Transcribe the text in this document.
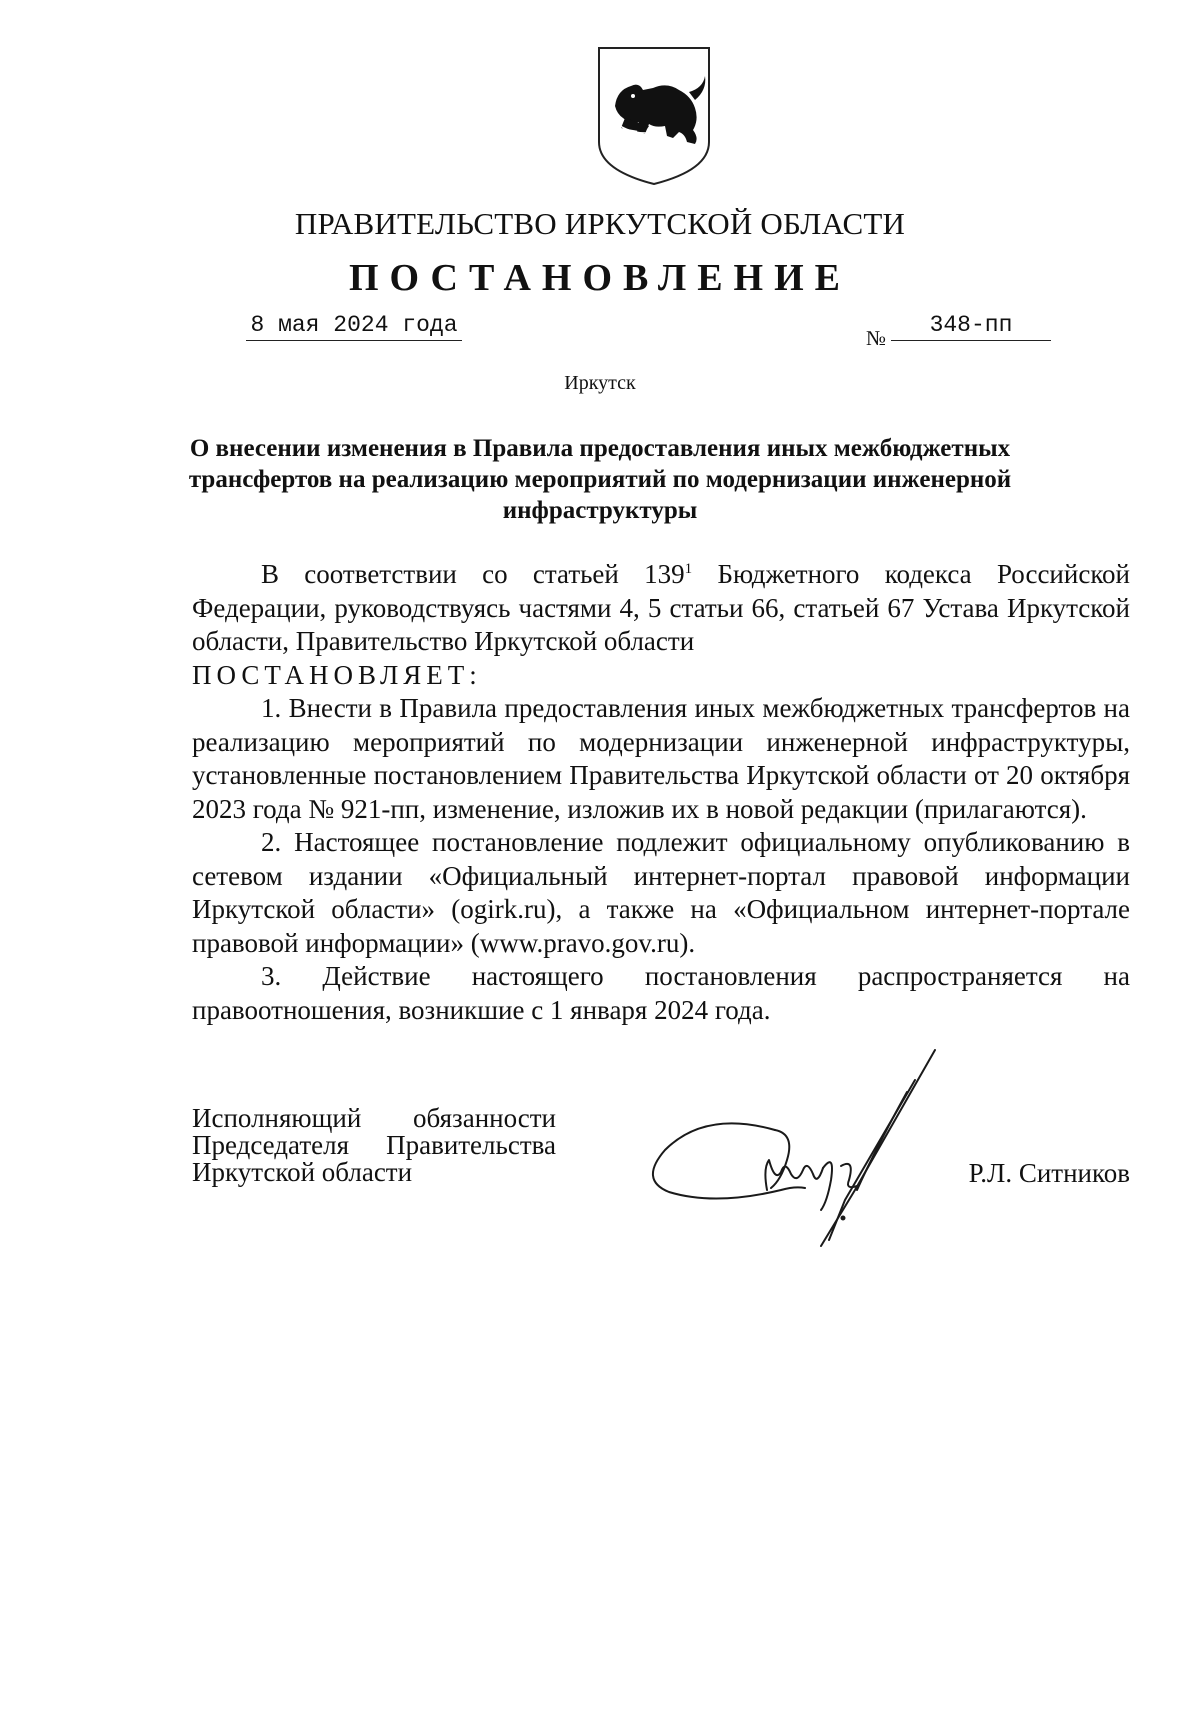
ПРАВИТЕЛЬСТВО ИРКУТСКОЙ ОБЛАСТИ
ПОСТАНОВЛЕНИЕ
8 мая 2024 года	№	348-пп
Иркутск
О внесении изменения в Правила предоставления иных межбюджетных трансфертов на реализацию мероприятий по модернизации инженерной инфраструктуры

В соответствии со статьей $139^1$ Бюджетного кодекса Российской Федерации, руководствуясь частями 4, 5 статьи 66, статьей 67 Устава Иркутской области, Правительство Иркутской области

ПОСТАНОВЛЯЕТ:

1. Внести в Правила предоставления иных межбюджетных трансфертов на реализацию мероприятий по модернизации инженерной инфраструктуры, установленные постановлением Правительства Иркутской области от 20 октября 2023 года № 921-пп, изменение, изложив их в новой редакции (прилагаются).

2. Настоящее постановление подлежит официальному опубликованию в сетевом издании «Официальный интернет-портал правовой информации Иркутской области» (ogirk.ru), а также на «Официальном интернет-портале правовой информации» (www.pravo.gov.ru).

3. Действие настоящего постановления распространяется на правоотношения, возникшие с 1 января 2024 года.

Исполняющий обязанности
Председателя Правительства
Иркутской области	Р.Л. Ситников
